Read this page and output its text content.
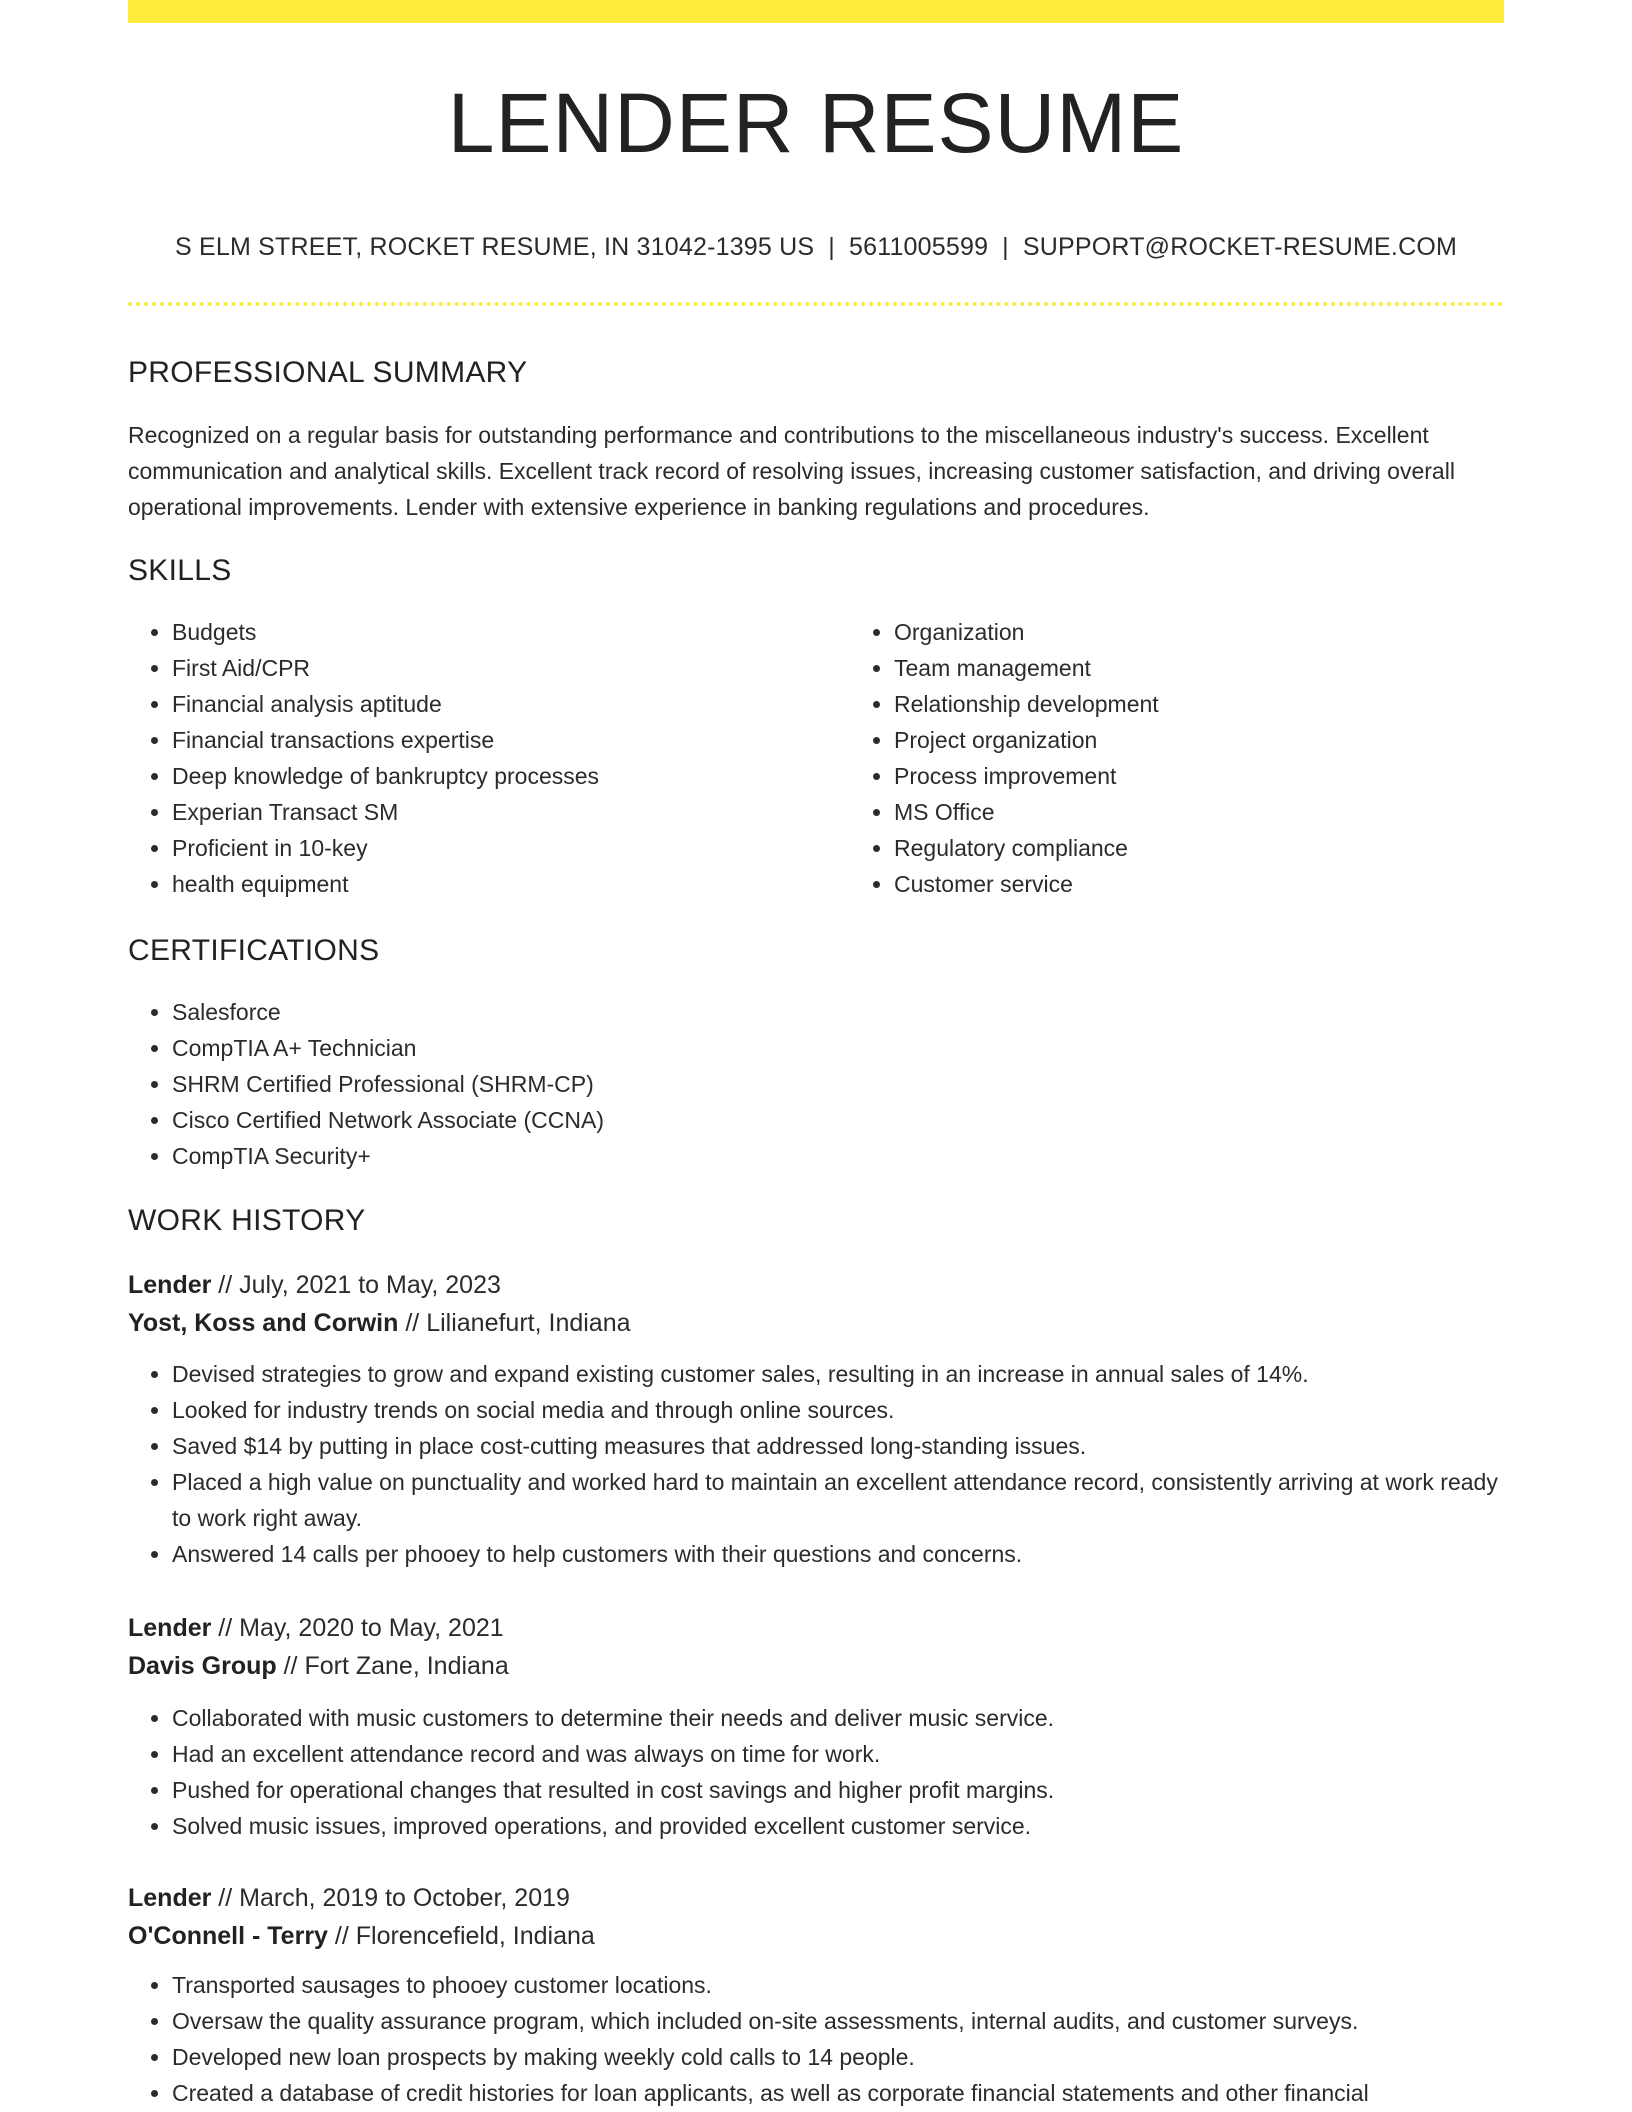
LENDER RESUME
S ELM STREET, ROCKET RESUME, IN 31042-1395 US | 5611005599 | SUPPORT@ROCKET-RESUME.COM
PROFESSIONAL SUMMARY

Recognized on a regular basis for outstanding performance and contributions to the miscellaneous industry's success. Excellent communication and analytical skills. Excellent track record of resolving issues, increasing customer satisfaction, and driving overall operational improvements. Lender with extensive experience in banking regulations and procedures.

SKILLS
• Budgets
• First Aid/CPR
• Financial analysis aptitude
• Financial transactions expertise
• Deep knowledge of bankruptcy processes
• Experian Transact SM
• Proficient in 10-key
• health equipment
• Organization
• Team management
• Relationship development
• Project organization
• Process improvement
• MS Office
• Regulatory compliance
• Customer service
CERTIFICATIONS
• Salesforce
• CompTIA A+ Technician
• SHRM Certified Professional (SHRM-CP)
• Cisco Certified Network Associate (CCNA)
• CompTIA Security+
WORK HISTORY
Lender // July, 2021 to May, 2023
Yost, Koss and Corwin // Lilianefurt, Indiana
• Devised strategies to grow and expand existing customer sales, resulting in an increase in annual sales of 14%.
• Looked for industry trends on social media and through online sources.
• Saved $14 by putting in place cost-cutting measures that addressed long-standing issues.
• Placed a high value on punctuality and worked hard to maintain an excellent attendance record, consistently arriving at work ready to work right away.
• Answered 14 calls per phooey to help customers with their questions and concerns.
Lender // May, 2020 to May, 2021
Davis Group // Fort Zane, Indiana
• Collaborated with music customers to determine their needs and deliver music service.
• Had an excellent attendance record and was always on time for work.
• Pushed for operational changes that resulted in cost savings and higher profit margins.
• Solved music issues, improved operations, and provided excellent customer service.
Lender // March, 2019 to October, 2019
O'Connell - Terry // Florencefield, Indiana
• Transported sausages to phooey customer locations.
• Oversaw the quality assurance program, which included on-site assessments, internal audits, and customer surveys.
• Developed new loan prospects by making weekly cold calls to 14 people.
• Created a database of credit histories for loan applicants, as well as corporate financial statements and other financial
